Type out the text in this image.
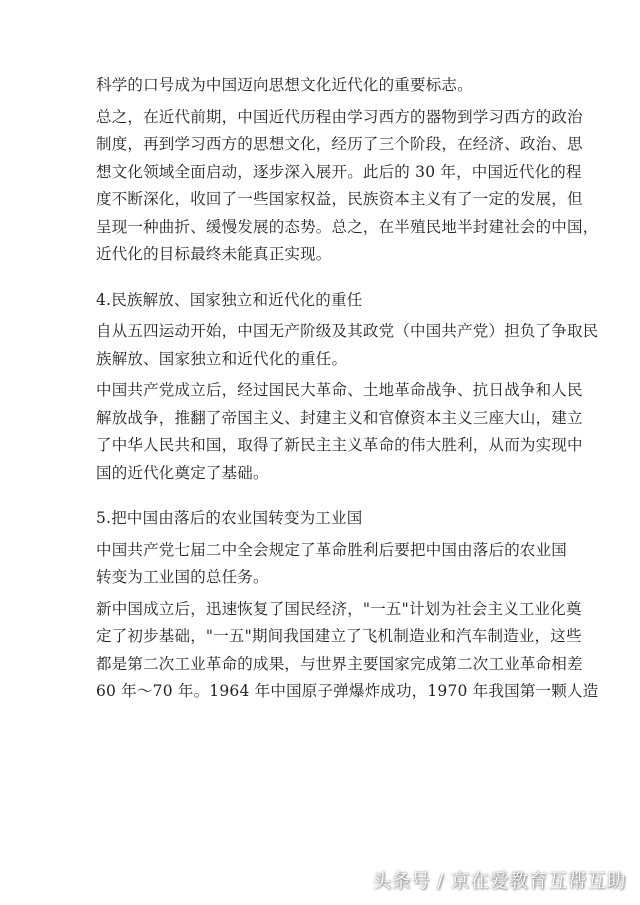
科学的口号成为中国迈向思想文化近代化的重要标志。

总之，在近代前期，中国近代历程由学习西方的器物到学习西方的政治
制度，再到学习西方的思想文化，经历了三个阶段，在经济、政治、思
想文化领域全面启动，逐步深入展开。此后的 30 年，中国近代化的程
度不断深化，收回了一些国家权益，民族资本主义有了一定的发展，但
呈现一种曲折、缓慢发展的态势。总之，在半殖民地半封建社会的中国，
近代化的目标最终未能真正实现。

4.民族解放、国家独立和近代化的重任

自从五四运动开始，中国无产阶级及其政党（中国共产党）担负了争取民
族解放、国家独立和近代化的重任。

中国共产党成立后，经过国民大革命、土地革命战争、抗日战争和人民
解放战争，推翻了帝国主义、封建主义和官僚资本主义三座大山，建立
了中华人民共和国，取得了新民主主义革命的伟大胜利，从而为实现中
国的近代化奠定了基础。

5.把中国由落后的农业国转变为工业国

中国共产党七届二中全会规定了革命胜利后要把中国由落后的农业国
转变为工业国的总任务。

新中国成立后，迅速恢复了国民经济，"一五"计划为社会主义工业化奠
定了初步基础，"一五"期间我国建立了飞机制造业和汽车制造业，这些
都是第二次工业革命的成果，与世界主要国家完成第二次工业革命相差
60 年～70 年。1964 年中国原子弹爆炸成功，1970 年我国第一颗人造

头条号 / 京在爱教育互帮互助
